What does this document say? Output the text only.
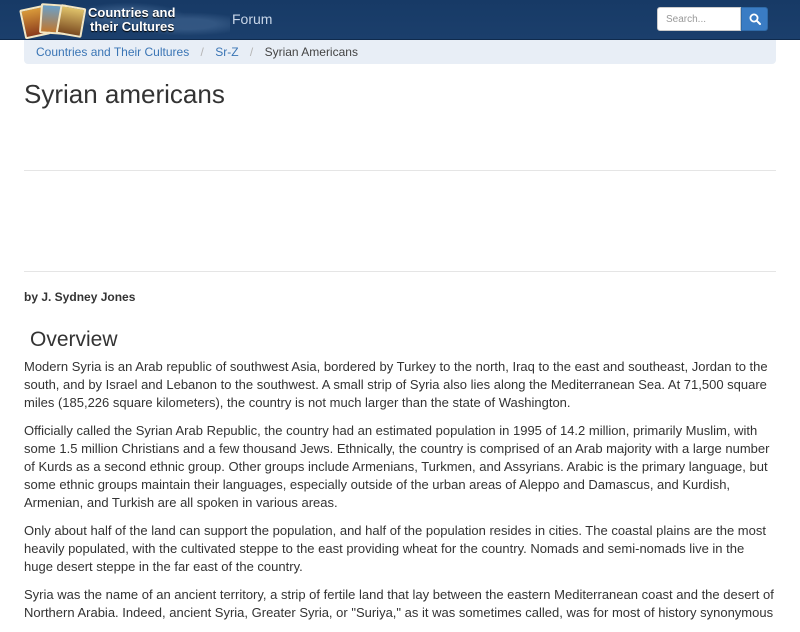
Countries and
their Cultures	Forum
Search...
Countries and Their Cultures / Sr-Z / Syrian Americans
Syrian americans
by J. Sydney Jones
Overview

Modern Syria is an Arab republic of southwest Asia, bordered by Turkey to the north, Iraq to the east and southeast, Jordan to the south, and by Israel and Lebanon to the southwest. A small strip of Syria also lies along the Mediterranean Sea. At 71,500 square miles (185,226 square kilometers), the country is not much larger than the state of Washington.

Officially called the Syrian Arab Republic, the country had an estimated population in 1995 of 14.2 million, primarily Muslim, with some 1.5 million Christians and a few thousand Jews. Ethnically, the country is comprised of an Arab majority with a large number of Kurds as a second ethnic group. Other groups include Armenians, Turkmen, and Assyrians. Arabic is the primary language, but some ethnic groups maintain their languages, especially outside of the urban areas of Aleppo and Damascus, and Kurdish, Armenian, and Turkish are all spoken in various areas.

Only about half of the land can support the population, and half of the population resides in cities. The coastal plains are the most heavily populated, with the cultivated steppe to the east providing wheat for the country. Nomads and semi-nomads live in the huge desert steppe in the far east of the country.

Syria was the name of an ancient territory, a strip of fertile land that lay between the eastern Mediterranean coast and the desert of Northern Arabia. Indeed, ancient Syria, Greater Syria, or "Suriya," as it was sometimes called, was for most of history synonymous
